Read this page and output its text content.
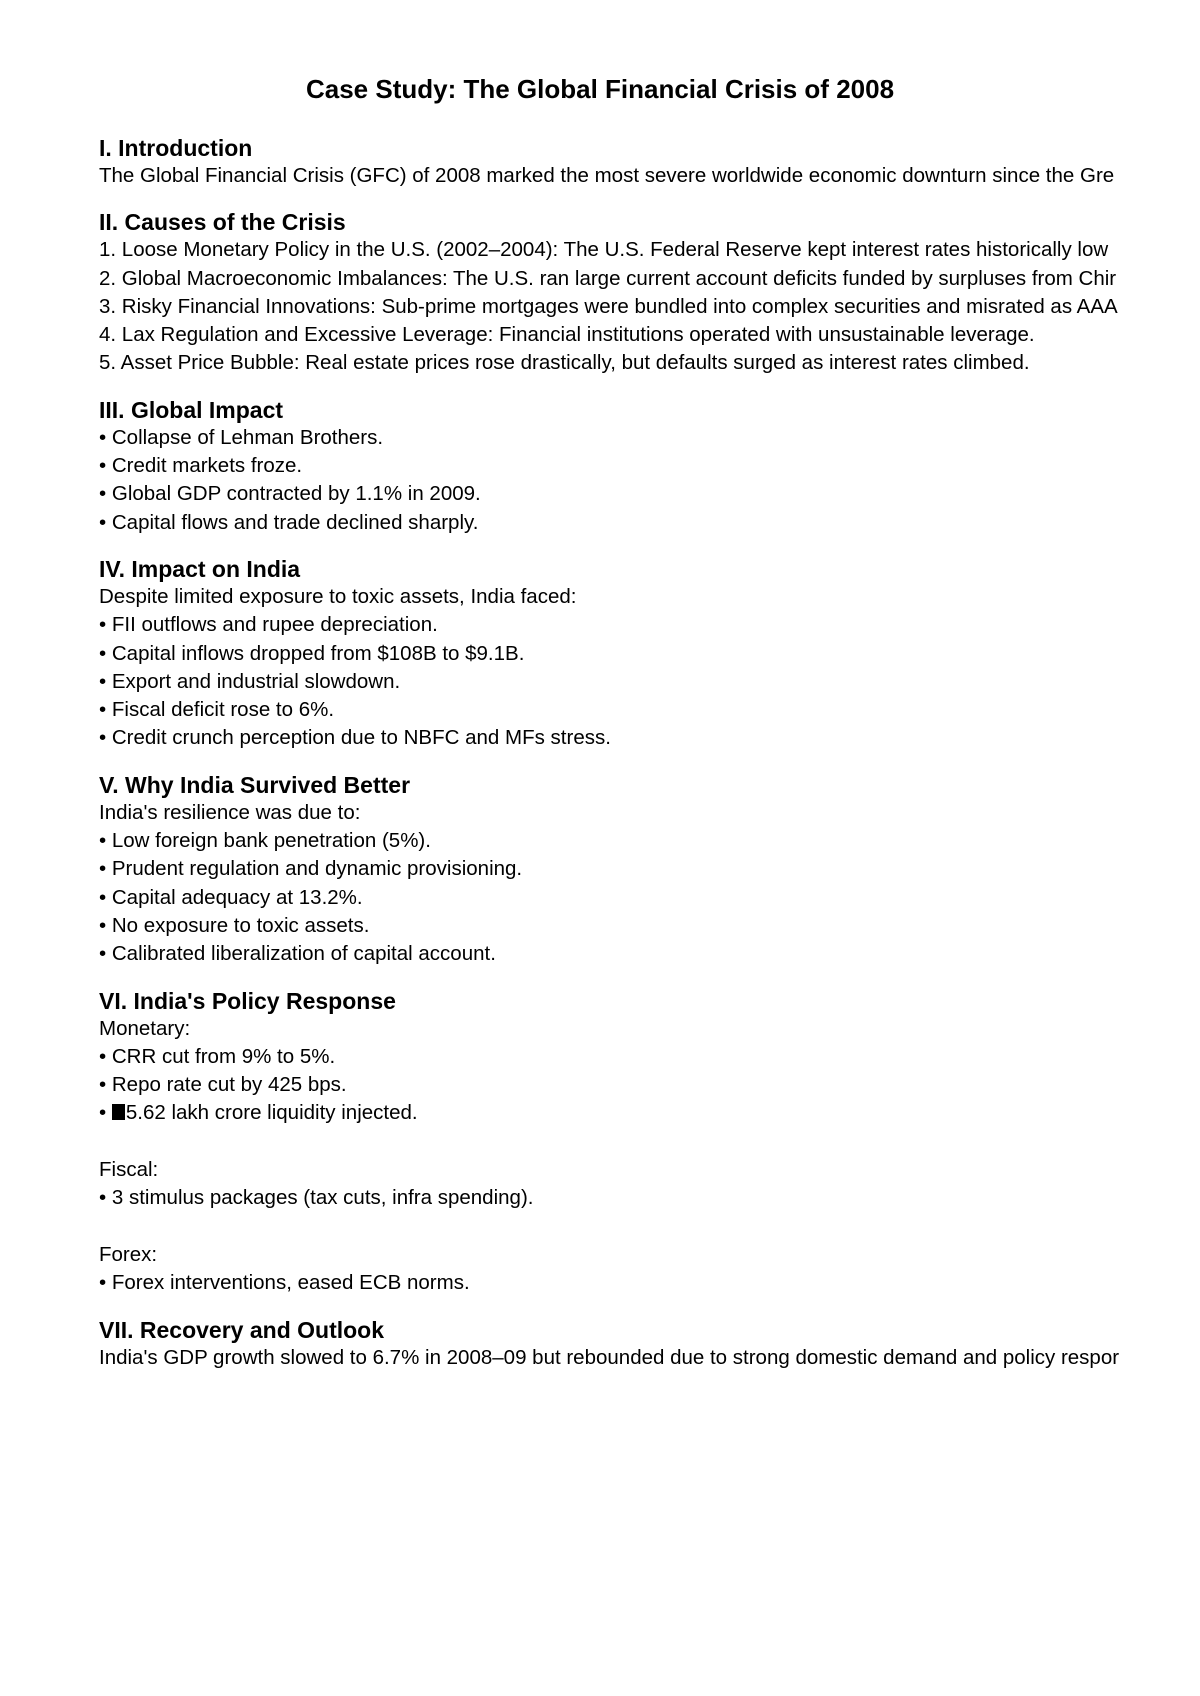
Case Study: The Global Financial Crisis of 2008
I. Introduction

The Global Financial Crisis (GFC) of 2008 marked the most severe worldwide economic downturn since the Gre

II. Causes of the Crisis

1. Loose Monetary Policy in the U.S. (2002–2004): The U.S. Federal Reserve kept interest rates historically low

2. Global Macroeconomic Imbalances: The U.S. ran large current account deficits funded by surpluses from Chir

3. Risky Financial Innovations: Sub-prime mortgages were bundled into complex securities and misrated as AAA

4. Lax Regulation and Excessive Leverage: Financial institutions operated with unsustainable leverage.

5. Asset Price Bubble: Real estate prices rose drastically, but defaults surged as interest rates climbed.

III. Global Impact

• Collapse of Lehman Brothers.

• Credit markets froze.

• Global GDP contracted by 1.1% in 2009.

• Capital flows and trade declined sharply.

IV. Impact on India

Despite limited exposure to toxic assets, India faced:

• FII outflows and rupee depreciation.

• Capital inflows dropped from $108B to $9.1B.

• Export and industrial slowdown.

• Fiscal deficit rose to 6%.

• Credit crunch perception due to NBFC and MFs stress.

V. Why India Survived Better

India's resilience was due to:

• Low foreign bank penetration (5%).

• Prudent regulation and dynamic provisioning.

• Capital adequacy at 13.2%.

• No exposure to toxic assets.

• Calibrated liberalization of capital account.

VI. India's Policy Response

Monetary:

• CRR cut from 9% to 5%.

• Repo rate cut by 425 bps.

• 5.62 lakh crore liquidity injected.

Fiscal:

• 3 stimulus packages (tax cuts, infra spending).

Forex:

• Forex interventions, eased ECB norms.

VII. Recovery and Outlook

India's GDP growth slowed to 6.7% in 2008–09 but rebounded due to strong domestic demand and policy respor
